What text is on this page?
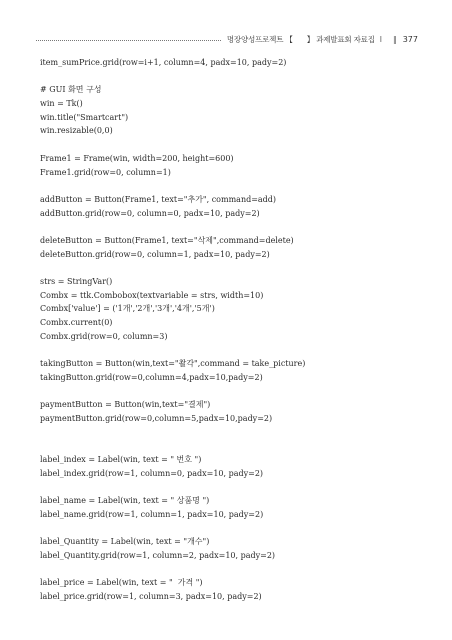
명장양성프로젝트 【 】 과제발표회 자료집 I ‖ 377
item_sumPrice.grid(row=i+1, column=4, padx=10, pady=2)
# GUI 화면 구성
win = Tk()
win.title("Smartcart")
win.resizable(0,0)
Frame1 = Frame(win, width=200, height=600)
Frame1.grid(row=0, column=1)
addButton = Button(Frame1, text="추가", command=add)
addButton.grid(row=0, column=0, padx=10, pady=2)
deleteButton = Button(Frame1, text="삭제",command=delete)
deleteButton.grid(row=0, column=1, padx=10, pady=2)
strs = StringVar()
Combx = ttk.Combobox(textvariable = strs, width=10)
Combx['value'] = ('1개','2개','3개','4개','5개')
Combx.current(0)
Combx.grid(row=0, column=3)
takingButton = Button(win,text="촬각",command = take_picture)
takingButton.grid(row=0,column=4,padx=10,pady=2)
paymentButton = Button(win,text="결제")
paymentButton.grid(row=0,column=5,padx=10,pady=2)
label_index = Label(win, text = " 번호 ")
label_index.grid(row=1, column=0, padx=10, pady=2)
label_name = Label(win, text = " 상품명 ")
label_name.grid(row=1, column=1, padx=10, pady=2)
label_Quantity = Label(win, text = "개수")
label_Quantity.grid(row=1, column=2, padx=10, pady=2)
label_price = Label(win, text = "  가격 ")
label_price.grid(row=1, column=3, padx=10, pady=2)
